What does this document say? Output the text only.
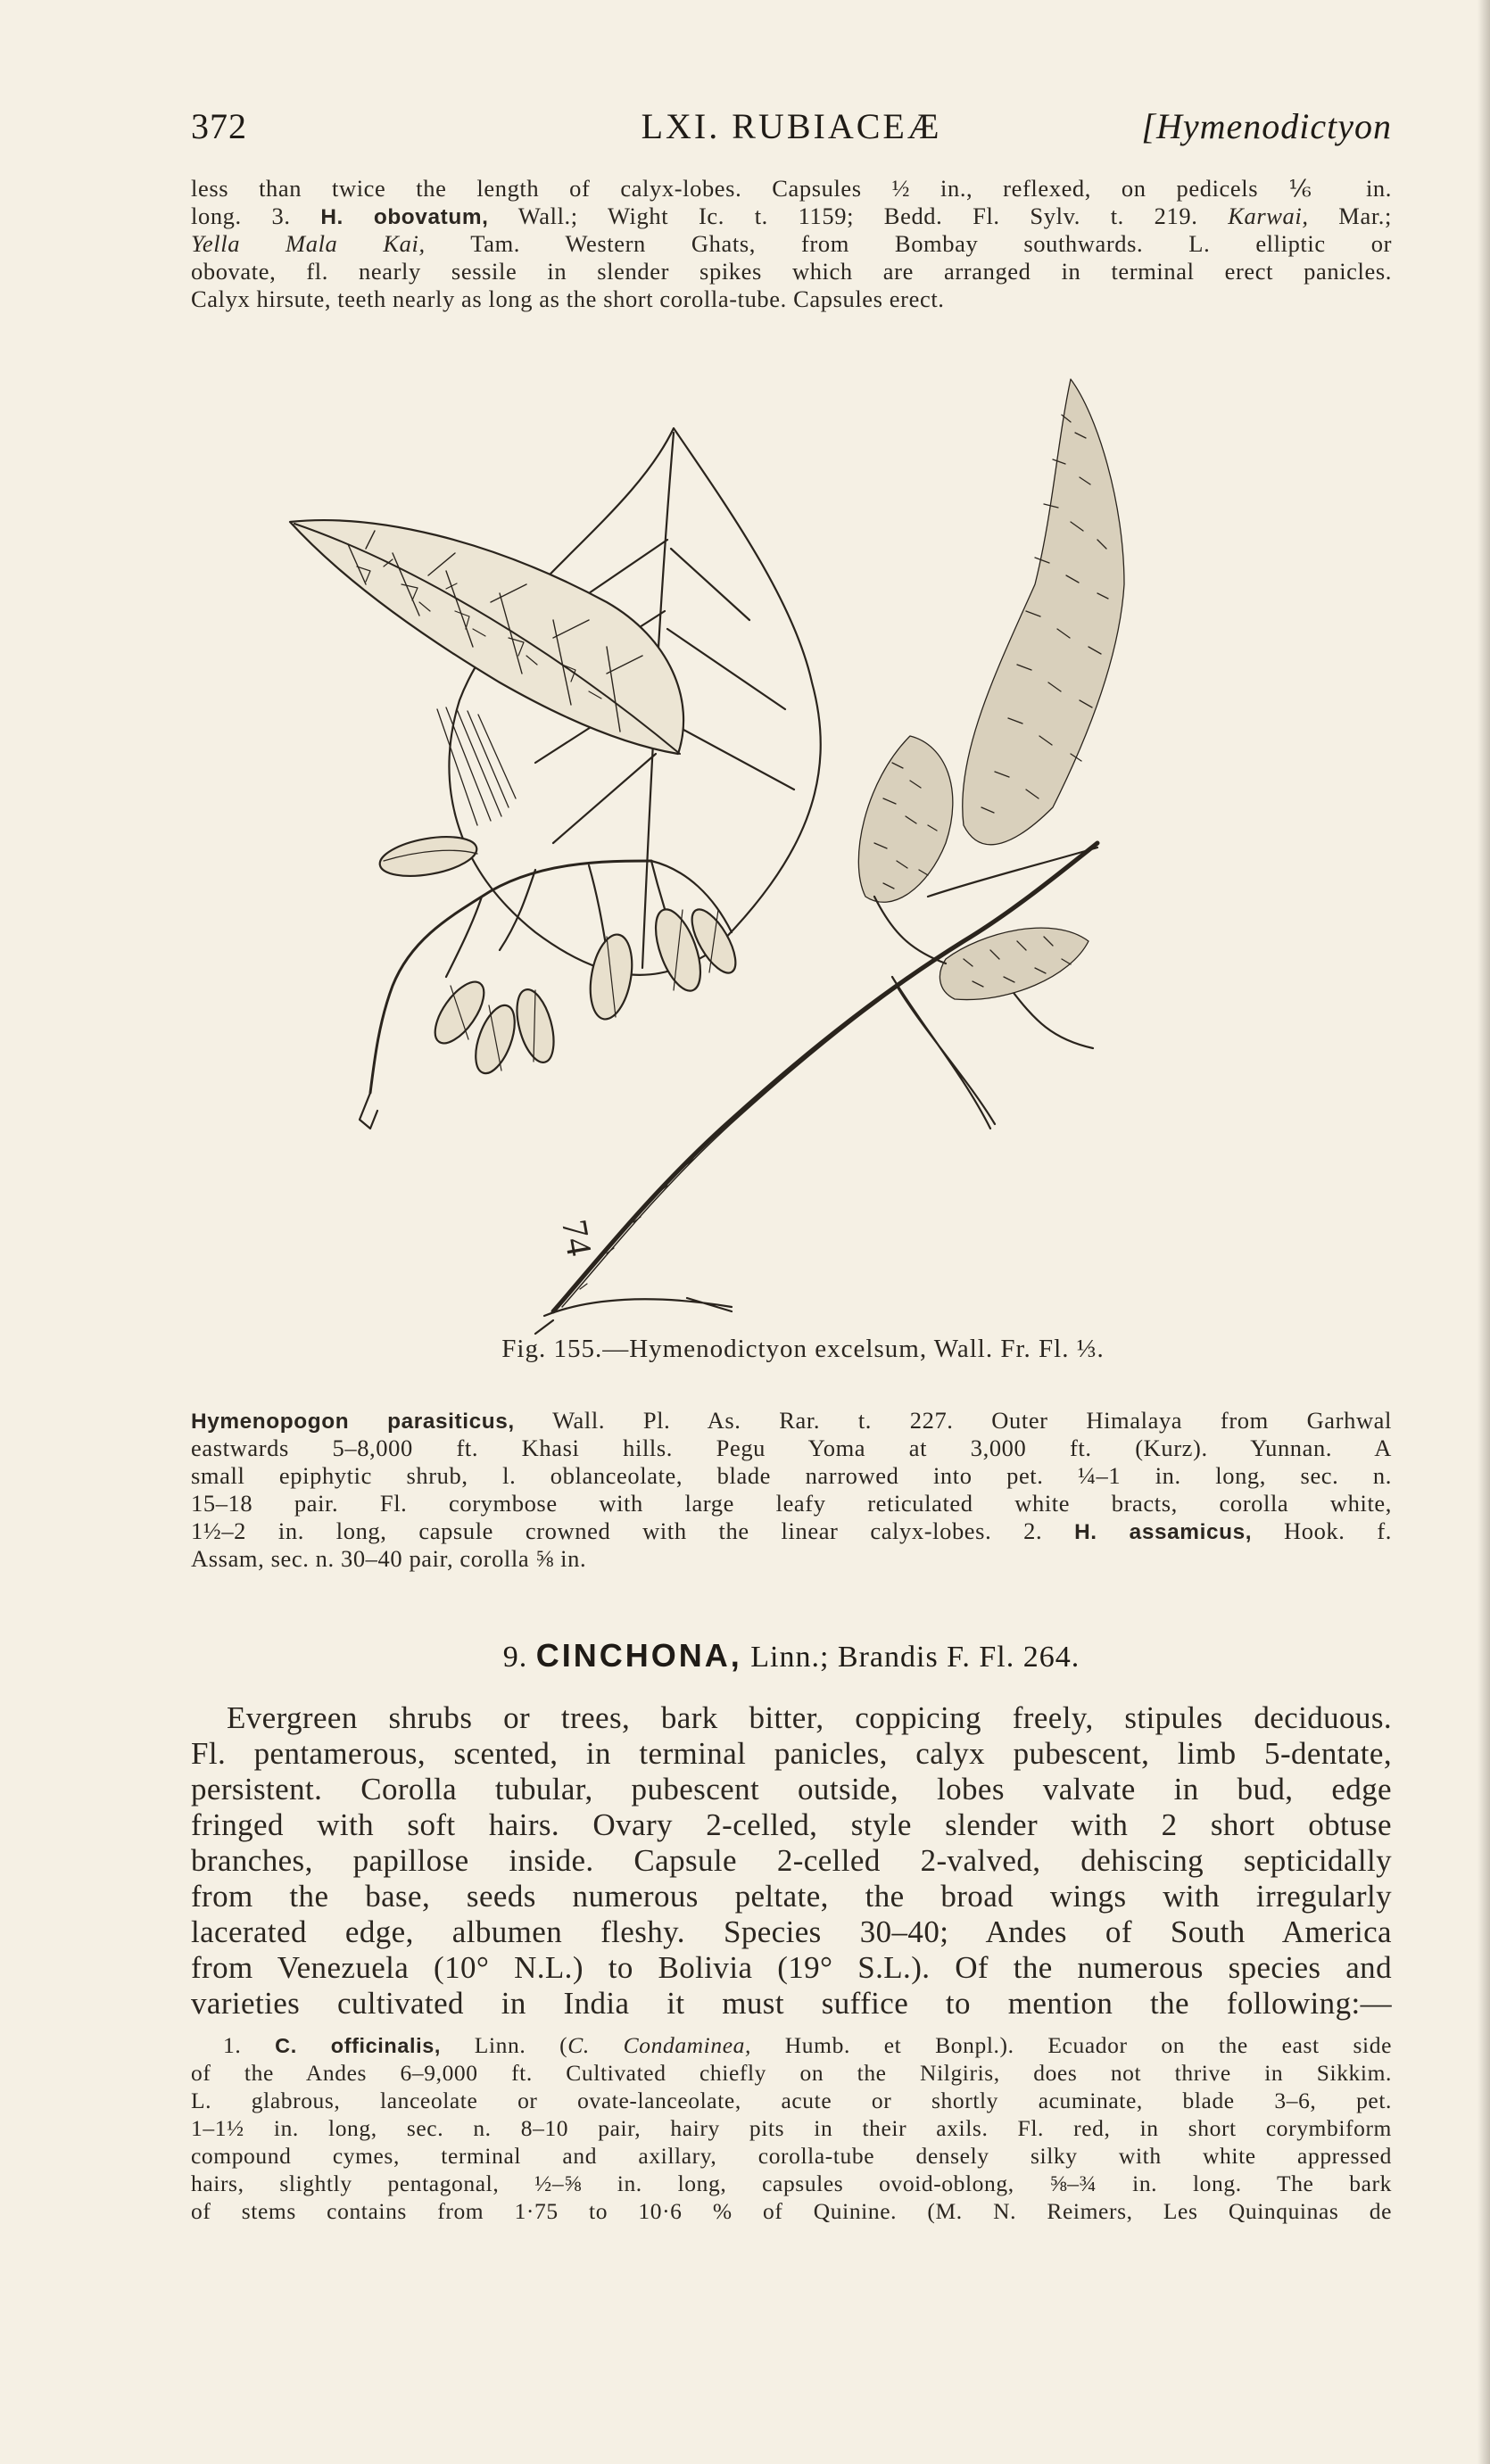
372	LXI. RUBIACEÆ	[Hymenodictyon
less than twice the length of calyx-lobes. Capsules ½ in., reflexed, on pedicels ⅙ in.
long. 3. H. obovatum, Wall.; Wight Ic. t. 1159; Bedd. Fl. Sylv. t. 219. Karwai, Mar.;
Yella Mala Kai, Tam. Western Ghats, from Bombay southwards. L. elliptic or
obovate, fl. nearly sessile in slender spikes which are arranged in terminal erect panicles.
Calyx hirsute, teeth nearly as long as the short corolla-tube. Capsules erect.
74
Fig. 155.—Hymenodictyon excelsum, Wall. Fr. Fl. ⅓.
Hymenopogon parasiticus, Wall. Pl. As. Rar. t. 227. Outer Himalaya from Garhwal
eastwards 5–8,000 ft. Khasi hills. Pegu Yoma at 3,000 ft. (Kurz). Yunnan. A
small epiphytic shrub, l. oblanceolate, blade narrowed into pet. ¼–1 in. long, sec. n.
15–18 pair. Fl. corymbose with large leafy reticulated white bracts, corolla white,
1½–2 in. long, capsule crowned with the linear calyx-lobes. 2. H. assamicus, Hook. f.
Assam, sec. n. 30–40 pair, corolla ⅝ in.
9. CINCHONA, Linn.; Brandis F. Fl. 264.
Evergreen shrubs or trees, bark bitter, coppicing freely, stipules deciduous.
Fl. pentamerous, scented, in terminal panicles, calyx pubescent, limb 5-dentate,
persistent. Corolla tubular, pubescent outside, lobes valvate in bud, edge
fringed with soft hairs. Ovary 2-celled, style slender with 2 short obtuse
branches, papillose inside. Capsule 2-celled 2-valved, dehiscing septicidally
from the base, seeds numerous peltate, the broad wings with irregularly
lacerated edge, albumen fleshy. Species 30–40; Andes of South America
from Venezuela (10° N.L.) to Bolivia (19° S.L.). Of the numerous species and
varieties cultivated in India it must suffice to mention the following:—
1. C. officinalis, Linn. (C. Condaminea, Humb. et Bonpl.). Ecuador on the east side
of the Andes 6–9,000 ft. Cultivated chiefly on the Nilgiris, does not thrive in Sikkim.
L. glabrous, lanceolate or ovate-lanceolate, acute or shortly acuminate, blade 3–6, pet.
1–1½ in. long, sec. n. 8–10 pair, hairy pits in their axils. Fl. red, in short corymbiform
compound cymes, terminal and axillary, corolla-tube densely silky with white appressed
hairs, slightly pentagonal, ½–⅝ in. long, capsules ovoid-oblong, ⅝–¾ in. long. The bark
of stems contains from 1·75 to 10·6 % of Quinine. (M. N. Reimers, Les Quinquinas de
